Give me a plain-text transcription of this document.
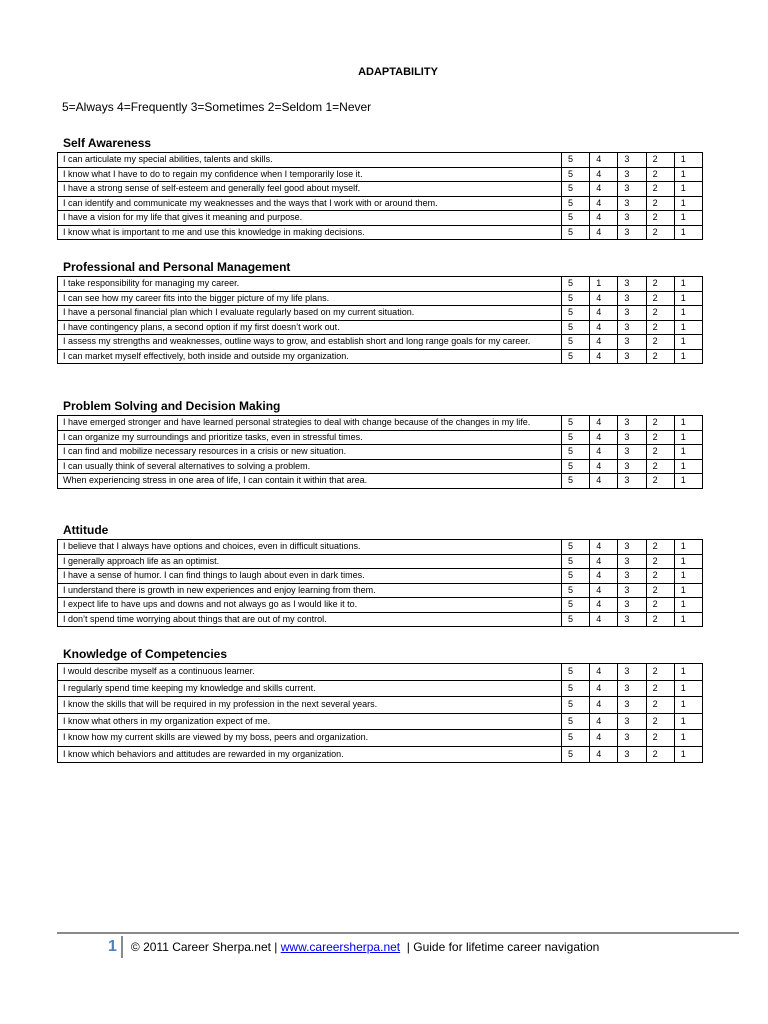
ADAPTABILITY
5=Always 4=Frequently 3=Sometimes 2=Seldom 1=Never
Self Awareness
I can articulate my special abilities, talents and skills.	5	4	3	2	1
I know what I have to do to regain my confidence when I temporarily lose it.	5	4	3	2	1
I have a strong sense of self-esteem and generally feel good about myself.	5	4	3	2	1
I can identify and communicate my weaknesses and the ways that I work with or around them.	5	4	3	2	1
I have a vision for my life that gives it meaning and purpose.	5	4	3	2	1
I know what is important to me and use this knowledge in making decisions.	5	4	3	2	1
Professional and Personal Management
I take responsibility for managing my career.	5	1	3	2	1
I can see how my career fits into the bigger picture of my life plans.	5	4	3	2	1
I have a personal financial plan which I evaluate regularly based on my current situation.	5	4	3	2	1
I have contingency plans, a second option if my first doesn’t work out.	5	4	3	2	1
I assess my strengths and weaknesses, outline ways to grow, and establish short and long range goals for my career.	5	4	3	2	1
I can market myself effectively, both inside and outside my organization.	5	4	3	2	1
Problem Solving and Decision Making
I have emerged stronger and have learned personal strategies to deal with change because of the changes in my life.	5	4	3	2	1
I can organize my surroundings and prioritize tasks, even in stressful times.	5	4	3	2	1
I can find and mobilize necessary resources in a crisis or new situation.	5	4	3	2	1
I can usually think of several alternatives to solving a problem.	5	4	3	2	1
When experiencing stress in one area of life, I can contain it within that area.	5	4	3	2	1
Attitude
I believe that I always have options and choices, even in difficult situations.	5	4	3	2	1
I generally approach life as an optimist.	5	4	3	2	1
I have a sense of humor. I can find things to laugh about even in dark times.	5	4	3	2	1
I understand there is growth in new experiences and enjoy learning from them.	5	4	3	2	1
I expect life to have ups and downs and not always go as I would like it to.	5	4	3	2	1
I don’t spend time worrying about things that are out of my control.	5	4	3	2	1
Knowledge of Competencies
I would describe myself as a continuous learner.	5	4	3	2	1
I regularly spend time keeping my knowledge and skills current.	5	4	3	2	1
I know the skills that will be required in my profession in the next several years.	5	4	3	2	1
I know what others in my organization expect of me.	5	4	3	2	1
I know how my current skills are viewed by my boss, peers and organization.	5	4	3	2	1
I know which behaviors and attitudes are rewarded in my organization.	5	4	3	2	1
1 © 2011 Career Sherpa.net | www.careersherpa.net | Guide for lifetime career navigation
